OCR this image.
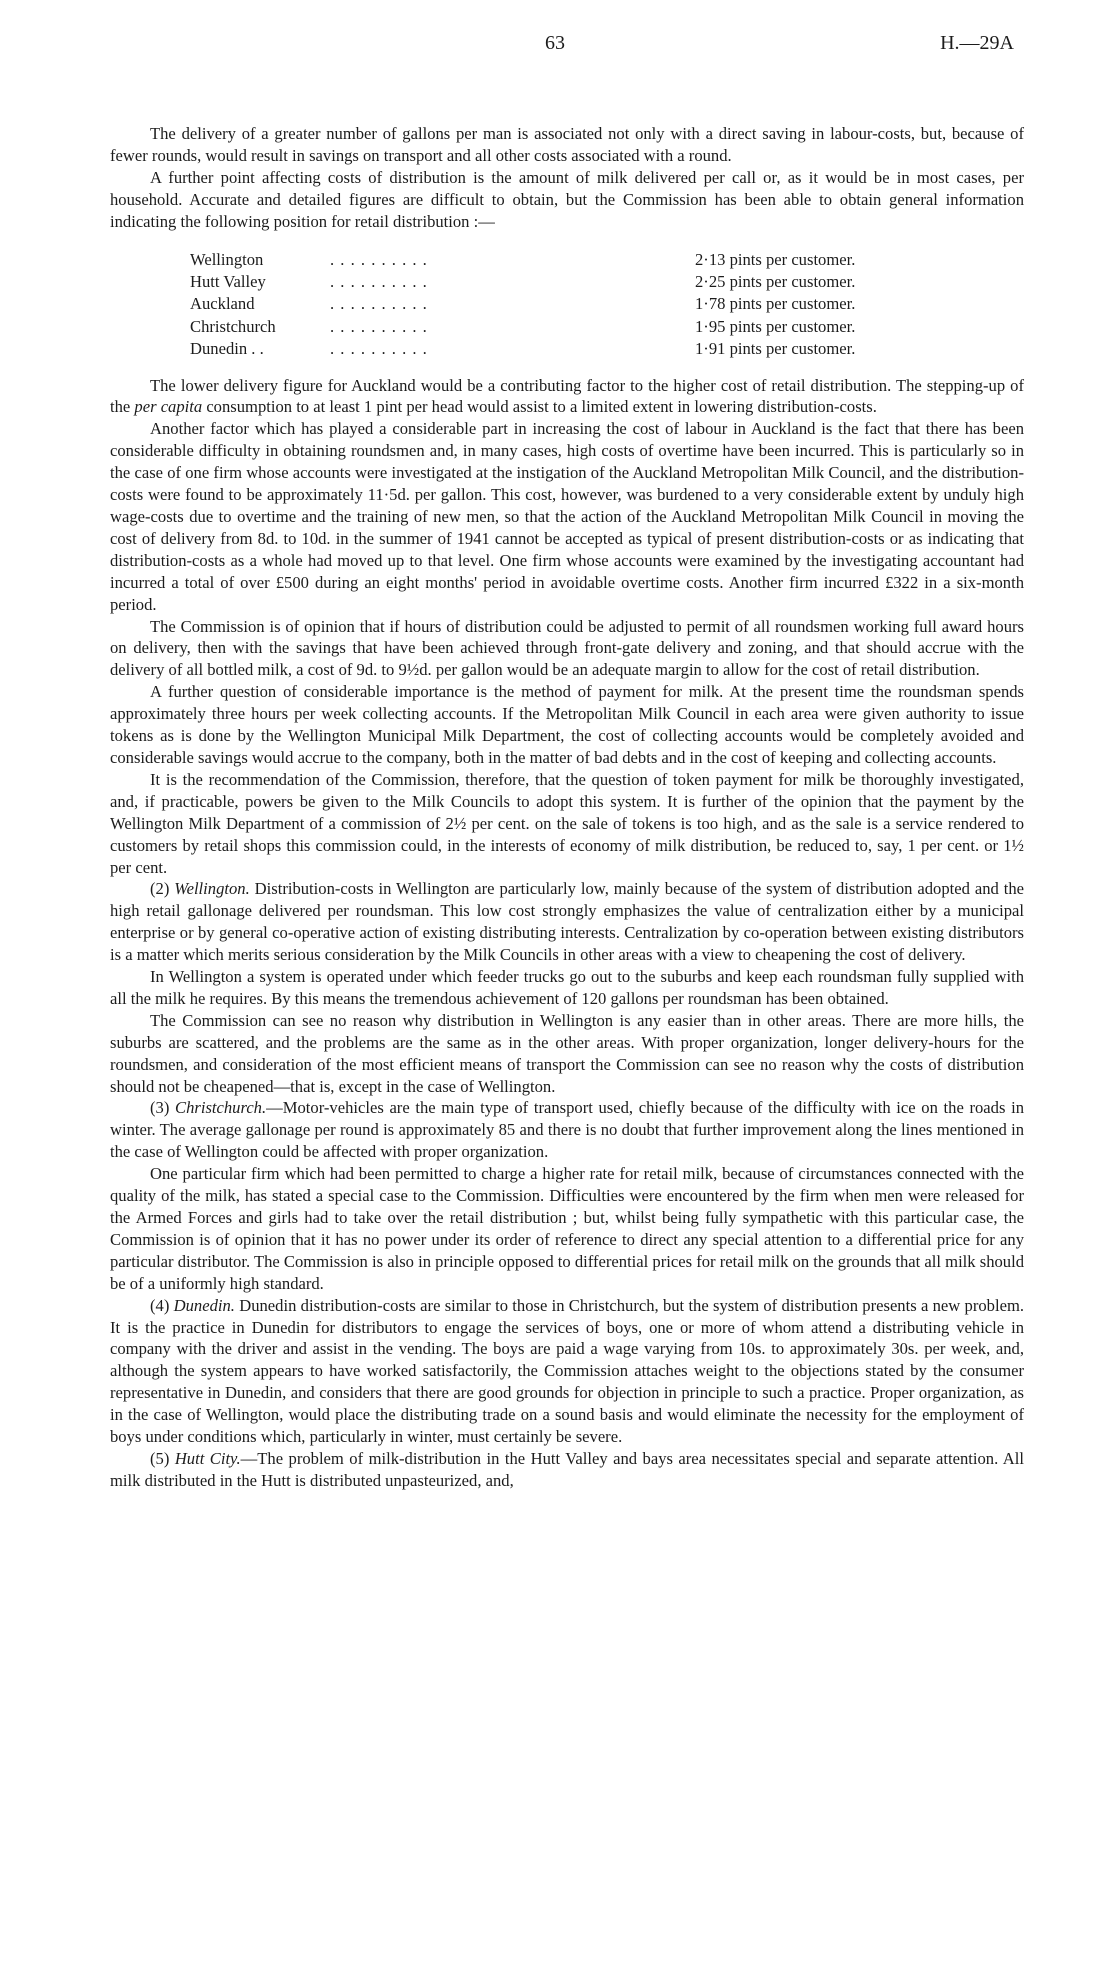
63	H.—29A

The delivery of a greater number of gallons per man is associated not only with a direct saving in labour-costs, but, because of fewer rounds, would result in savings on transport and all other costs associated with a round.

A further point affecting costs of distribution is the amount of milk delivered per call or, as it would be in most cases, per household. Accurate and detailed figures are difficult to obtain, but the Commission has been able to obtain general information indicating the following position for retail distribution :—

Wellington	. . . . . . . . . .	2·13 pints per customer.
Hutt Valley	. . . . . . . . . .	2·25 pints per customer.
Auckland	. . . . . . . . . .	1·78 pints per customer.
Christchurch	. . . . . . . . . .	1·95 pints per customer.
Dunedin . .	. . . . . . . . . .	1·91 pints per customer.

The lower delivery figure for Auckland would be a contributing factor to the higher cost of retail distribution. The stepping-up of the per capita consumption to at least 1 pint per head would assist to a limited extent in lowering distribution-costs.

Another factor which has played a considerable part in increasing the cost of labour in Auckland is the fact that there has been considerable difficulty in obtaining roundsmen and, in many cases, high costs of overtime have been incurred. This is particularly so in the case of one firm whose accounts were investigated at the instigation of the Auckland Metropolitan Milk Council, and the distribution-costs were found to be approximately 11·5d. per gallon. This cost, however, was burdened to a very considerable extent by unduly high wage-costs due to overtime and the training of new men, so that the action of the Auckland Metropolitan Milk Council in moving the cost of delivery from 8d. to 10d. in the summer of 1941 cannot be accepted as typical of present distribution-costs or as indicating that distribution-costs as a whole had moved up to that level. One firm whose accounts were examined by the investigating accountant had incurred a total of over £500 during an eight months' period in avoidable overtime costs. Another firm incurred £322 in a six-month period.

The Commission is of opinion that if hours of distribution could be adjusted to permit of all roundsmen working full award hours on delivery, then with the savings that have been achieved through front-gate delivery and zoning, and that should accrue with the delivery of all bottled milk, a cost of 9d. to 9½d. per gallon would be an adequate margin to allow for the cost of retail distribution.

A further question of considerable importance is the method of payment for milk. At the present time the roundsman spends approximately three hours per week collecting accounts. If the Metropolitan Milk Council in each area were given authority to issue tokens as is done by the Wellington Municipal Milk Department, the cost of collecting accounts would be completely avoided and considerable savings would accrue to the company, both in the matter of bad debts and in the cost of keeping and collecting accounts.

It is the recommendation of the Commission, therefore, that the question of token payment for milk be thoroughly investigated, and, if practicable, powers be given to the Milk Councils to adopt this system. It is further of the opinion that the payment by the Wellington Milk Department of a commission of 2½ per cent. on the sale of tokens is too high, and as the sale is a service rendered to customers by retail shops this commission could, in the interests of economy of milk distribution, be reduced to, say, 1 per cent. or 1½ per cent.

(2) Wellington. Distribution-costs in Wellington are particularly low, mainly because of the system of distribution adopted and the high retail gallonage delivered per roundsman. This low cost strongly emphasizes the value of centralization either by a municipal enterprise or by general co-operative action of existing distributing interests. Centralization by co-operation between existing distributors is a matter which merits serious consideration by the Milk Councils in other areas with a view to cheapening the cost of delivery.

In Wellington a system is operated under which feeder trucks go out to the suburbs and keep each roundsman fully supplied with all the milk he requires. By this means the tremendous achievement of 120 gallons per roundsman has been obtained.

The Commission can see no reason why distribution in Wellington is any easier than in other areas. There are more hills, the suburbs are scattered, and the problems are the same as in the other areas. With proper organization, longer delivery-hours for the roundsmen, and consideration of the most efficient means of transport the Commission can see no reason why the costs of distribution should not be cheapened—that is, except in the case of Wellington.

(3) Christchurch.—Motor-vehicles are the main type of transport used, chiefly because of the difficulty with ice on the roads in winter. The average gallonage per round is approximately 85 and there is no doubt that further improvement along the lines mentioned in the case of Wellington could be affected with proper organization.

One particular firm which had been permitted to charge a higher rate for retail milk, because of circumstances connected with the quality of the milk, has stated a special case to the Commission. Difficulties were encountered by the firm when men were released for the Armed Forces and girls had to take over the retail distribution ; but, whilst being fully sympathetic with this particular case, the Commission is of opinion that it has no power under its order of reference to direct any special attention to a differential price for any particular distributor. The Commission is also in principle opposed to differential prices for retail milk on the grounds that all milk should be of a uniformly high standard.

(4) Dunedin. Dunedin distribution-costs are similar to those in Christchurch, but the system of distribution presents a new problem. It is the practice in Dunedin for distributors to engage the services of boys, one or more of whom attend a distributing vehicle in company with the driver and assist in the vending. The boys are paid a wage varying from 10s. to approximately 30s. per week, and, although the system appears to have worked satisfactorily, the Commission attaches weight to the objections stated by the consumer representative in Dunedin, and considers that there are good grounds for objection in principle to such a practice. Proper organization, as in the case of Wellington, would place the distributing trade on a sound basis and would eliminate the necessity for the employment of boys under conditions which, particularly in winter, must certainly be severe.

(5) Hutt City.—The problem of milk-distribution in the Hutt Valley and bays area necessitates special and separate attention. All milk distributed in the Hutt is distributed unpasteurized, and,
